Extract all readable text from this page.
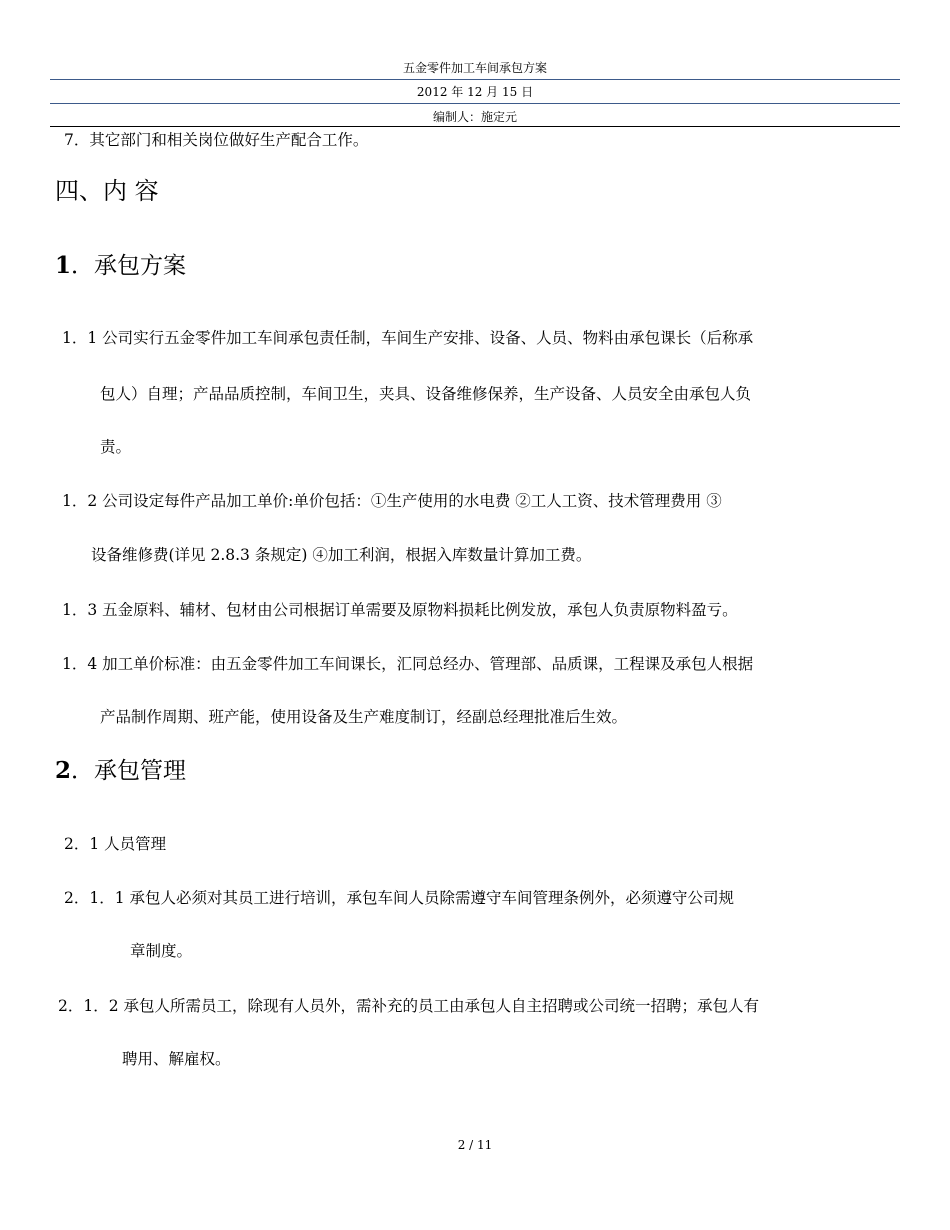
五金零件加工车间承包方案
2012 年 12 月 15 日
编制人：施定元
7．其它部门和相关岗位做好生产配合工作。
四、内 容
1．承包方案
1．1 公司实行五金零件加工车间承包责任制，车间生产安排、设备、人员、物料由承包课长（后称承
包人）自理；产品品质控制，车间卫生，夹具、设备维修保养，生产设备、人员安全由承包人负
责。
1．2 公司设定每件产品加工单价:单价包括：①生产使用的水电费 ②工人工资、技术管理费用 ③
设备维修费(详见 2.8.3 条规定) ④加工利润，根据入库数量计算加工费。
1．3 五金原料、辅材、包材由公司根据订单需要及原物料损耗比例发放，承包人负责原物料盈亏。
1．4 加工单价标准：由五金零件加工车间课长，汇同总经办、管理部、品质课，工程课及承包人根据
产品制作周期、班产能，使用设备及生产难度制订，经副总经理批准后生效。
2．承包管理
2．1 人员管理
2．1．1 承包人必须对其员工进行培训，承包车间人员除需遵守车间管理条例外，必须遵守公司规
章制度。
2．1．2 承包人所需员工，除现有人员外，需补充的员工由承包人自主招聘或公司统一招聘；承包人有
聘用、解雇权。
2 / 11
